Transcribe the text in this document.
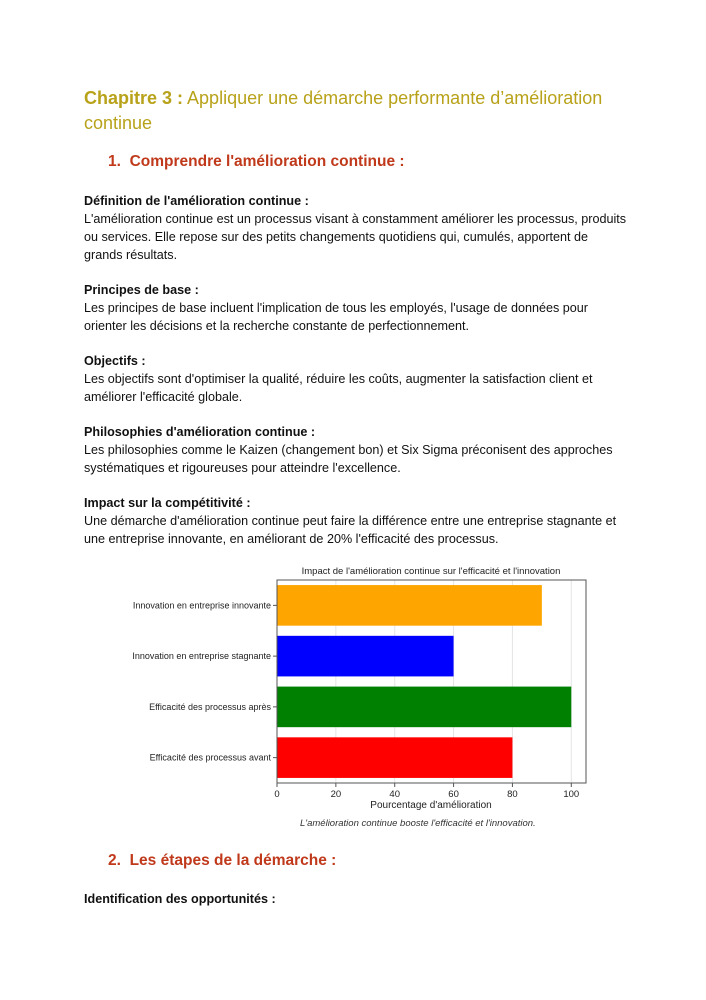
Chapitre 3 : Appliquer une démarche performante d’amélioration continue
1. Comprendre l'amélioration continue :
Définition de l'amélioration continue :
L'amélioration continue est un processus visant à constamment améliorer les processus, produits ou services. Elle repose sur des petits changements quotidiens qui, cumulés, apportent de grands résultats.
Principes de base :
Les principes de base incluent l'implication de tous les employés, l'usage de données pour orienter les décisions et la recherche constante de perfectionnement.
Objectifs :
Les objectifs sont d'optimiser la qualité, réduire les coûts, augmenter la satisfaction client et améliorer l'efficacité globale.
Philosophies d'amélioration continue :
Les philosophies comme le Kaizen (changement bon) et Six Sigma préconisent des approches systématiques et rigoureuses pour atteindre l'excellence.
Impact sur la compétitivité :
Une démarche d'amélioration continue peut faire la différence entre une entreprise stagnante et une entreprise innovante, en améliorant de 20% l'efficacité des processus.
Impact de l'amélioration continue sur l'efficacité et l'innovation
Innovation en entreprise innovante
Innovation en entreprise stagnante
Efficacité des processus après
Efficacité des processus avant
0	20	40	60	80	100
Pourcentage d'amélioration
L'amélioration continue booste l'efficacité et l'innovation.
2. Les étapes de la démarche :
Identification des opportunités :
